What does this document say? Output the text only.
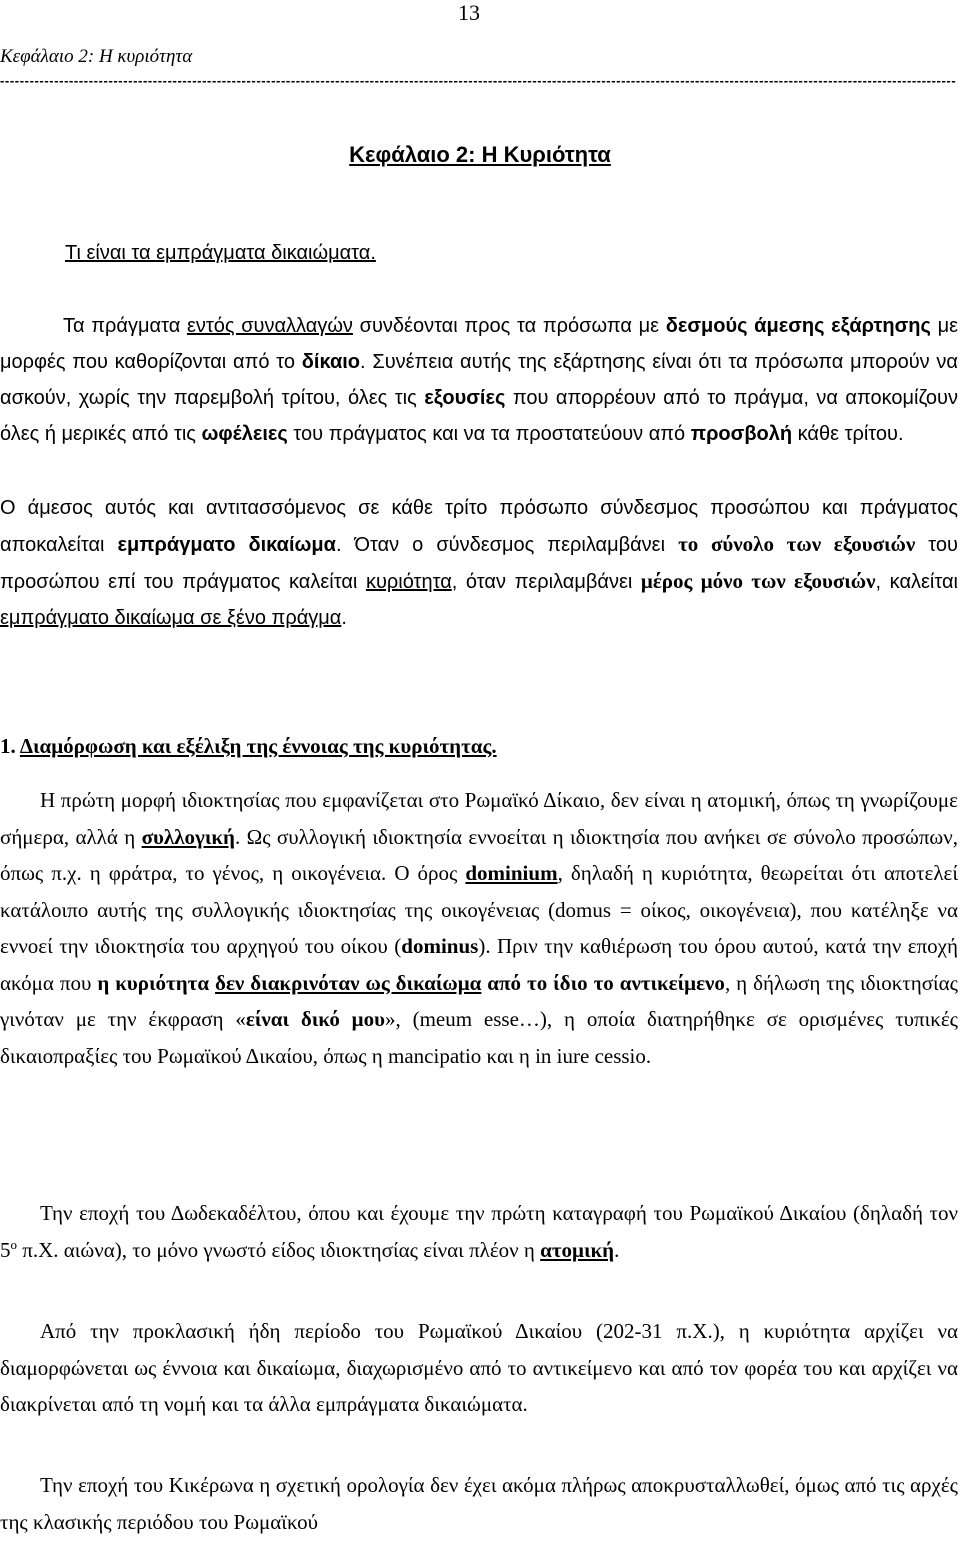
13
Κεφάλαιο 2: Η κυριότητα
--------------------------------------------------------------------------------------------------------------------------------------------------------------------------------------------------
Κεφάλαιο 2: Η Κυριότητα

Τι είναι τα εμπράγματα δικαιώματα.

Τα πράγματα εντός συναλλαγών συνδέονται προς τα πρόσωπα με δεσμούς άμεσης εξάρτησης με μορφές που καθορίζονται από το δίκαιο. Συνέπεια αυτής της εξάρτησης είναι ότι τα πρόσωπα μπορούν να ασκούν, χωρίς την παρεμβολή τρίτου, όλες τις εξουσίες που απορρέουν από το πράγμα, να αποκομίζουν όλες ή μερικές από τις ωφέλειες του πράγματος και να τα προστατεύουν από προσβολή κάθε τρίτου.

Ο άμεσος αυτός και αντιτασσόμενος σε κάθε τρίτο πρόσωπο σύνδεσμος προσώπου και πράγματος αποκαλείται εμπράγματο δικαίωμα. Όταν ο σύνδεσμος περιλαμβάνει το σύνολο των εξουσιών του προσώπου επί του πράγματος καλείται κυριότητα, όταν περιλαμβάνει μέρος μόνο των εξουσιών, καλείται εμπράγματο δικαίωμα σε ξένο πράγμα.

1. Διαμόρφωση και εξέλιξη της έννοιας της κυριότητας.

Η πρώτη μορφή ιδιοκτησίας που εμφανίζεται στο Ρωμαϊκό Δίκαιο, δεν είναι η ατομική, όπως τη γνωρίζουμε σήμερα, αλλά η συλλογική. Ως συλλογική ιδιοκτησία εννοείται η ιδιοκτησία που ανήκει σε σύνολο προσώπων, όπως π.χ. η φράτρα, το γένος, η οικογένεια. Ο όρος dominium, δηλαδή η κυριότητα, θεωρείται ότι αποτελεί κατάλοιπο αυτής της συλλογικής ιδιοκτησίας της οικογένειας (domus = οίκος, οικογένεια), που κατέληξε να εννοεί την ιδιοκτησία του αρχηγού του οίκου (dominus). Πριν την καθιέρωση του όρου αυτού, κατά την εποχή ακόμα που η κυριότητα δεν διακρινόταν ως δικαίωμα από το ίδιο το αντικείμενο, η δήλωση της ιδιοκτησίας γινόταν με την έκφραση «είναι δικό μου», (meum esse…), η οποία διατηρήθηκε σε ορισμένες τυπικές δικαιοπραξίες του Ρωμαϊκού Δικαίου, όπως η mancipatio και η in iure cessio.

Την εποχή του Δωδεκαδέλτου, όπου και έχουμε την πρώτη καταγραφή του Ρωμαϊκού Δικαίου (δηλαδή τον $5^o$ π.Χ. αιώνα), το μόνο γνωστό είδος ιδιοκτησίας είναι πλέον η ατομική.

Από την προκλασική ήδη περίοδο του Ρωμαϊκού Δικαίου (202-31 π.Χ.), η κυριότητα αρχίζει να διαμορφώνεται ως έννοια και δικαίωμα, διαχωρισμένο από το αντικείμενο και από τον φορέα του και αρχίζει να διακρίνεται από τη νομή και τα άλλα εμπράγματα δικαιώματα.

Την εποχή του Κικέρωνα η σχετική ορολογία δεν έχει ακόμα πλήρως αποκρυσταλλωθεί, όμως από τις αρχές της κλασικής περιόδου του Ρωμαϊκού
